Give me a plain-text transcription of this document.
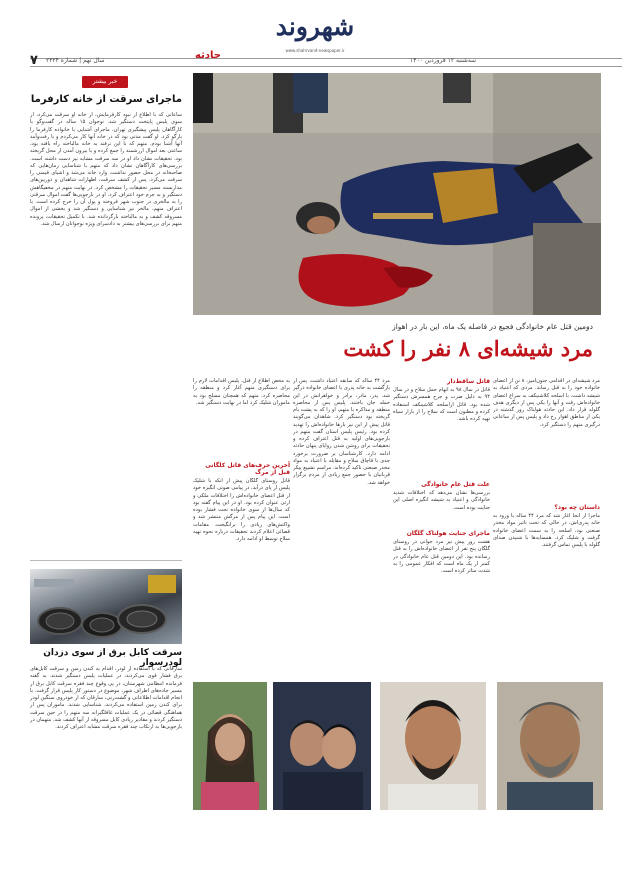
شهروند
www.shahrvand-newspaper.ir
حادثه	سه‌شنبه ۱۲ فروردین ۱۴۰۰
سال نهم | شماره ۲۳۲۴
۷
خبر بیشتر
ماجرای سرقت از خانه کارفرما
ساعاتی که با اطلاع از نبود کارفرمایش، از خانه او سرقت می‌کرد، از سوی پلیس پایتخت دستگیر شد. نوجوان ۱۵ ساله در گفت‌وگو با کارآگاهان پلیس پیشگیری تهران، ماجرای آشنایی با خانواده کارفرما را بازگو کرد. او گفت مدتی بود که در خانه آنها کار می‌کردم و با رفت‌وآمد آنها آشنا بودم. متهم که با این ترفند به خانه مالباخته راه یافته بود، ساعتی بعد اموال ارزشمند را جمع کرده و با بیرون آمدن از محل گریخته بود. تحقیقات نشان داد او در سه سرقت مشابه نیز دست داشته است. بررسی‌های کارآگاهان نشان داد که متهم با شناسایی زمان‌هایی که صاحبخانه در محل حضور نداشت، وارد خانه می‌شد و اشیای قیمتی را سرقت می‌کرد. پس از کشف سرقت، اظهارات شاهدان و دوربین‌های مداربسته مسیر تحقیقات را مشخص کرد. در نهایت متهم در مخفیگاهش دستگیر و به جرم خود اعتراف کرد. او در بازجویی‌ها گفت اموال سرقتی را به مالخری در جنوب شهر فروخته و پول آن را خرج کرده است. با اعتراف متهم، مالخر نیز شناسایی و دستگیر شد و بخشی از اموال مسروقه کشف و به مالباخته بازگردانده شد. با تکمیل تحقیقات، پرونده متهم برای بررسی‌های بیشتر به دادسرای ویژه نوجوانان ارسال شد.
سرقت کابل برق از سوی دزدان لودرسوار
سارقانی که با استفاده از لودر، اقدام به کندن زمین و سرقت کابل‌های برق فشار قوی می‌کردند، در عملیات پلیس دستگیر شدند. به گفته فرمانده انتظامی شهرستان، در پی وقوع چند فقره سرقت کابل برق از مسیر جاده‌های اطراف شهر، موضوع در دستور کار پلیس قرار گرفت. با انجام اقدامات اطلاعاتی و گشت‌زنی، سارقان که از خودروی سنگین لودر برای کندن زمین استفاده می‌کردند، شناسایی شدند. ماموران پس از هماهنگی قضائی در یک عملیات غافلگیرانه سه متهم را در حین سرقت دستگیر کردند و مقادیر زیادی کابل مسروقه از آنها کشف شد. متهمان در بازجویی‌ها به ارتکاب چند فقره سرقت مشابه اعتراف کردند.
دومین قتل عام خانوادگی فجیع در فاصله یک ماه، این بار در اهواز
مرد شیشه‌ای ۸ نفر را کشت
مرد شیشه‌ای در اقدامی جنون‌آمیز، ۸ تن از اعضای خانواده خود را به قتل رساند. مردی که اعتیاد به شیشه داشت، با اسلحه کلاشنیکف به سراغ اعضای خانواده‌اش رفت و آنها را یکی پس از دیگری هدف گلوله قرار داد. این حادثه هولناک روز گذشته در یکی از مناطق اهواز رخ داد و پلیس پس از ساعاتی درگیری متهم را دستگیر کرد.
داستان چه بود؟
ماجرا از آنجا آغاز شد که مرد ۴۴ ساله با ورود به خانه پدری‌اش، در حالی که تحت تاثیر مواد مخدر صنعتی بود، اسلحه را به سمت اعضای خانواده گرفت و شلیک کرد. همسایه‌ها با شنیدن صدای گلوله با پلیس تماس گرفتند.
قاتل ساقط‌دار
قاتل در سال ۹۸ به اتهام حمل سلاح و در سال ۹۴ به دلیل ضرب و جرح همسرش دستگیر شده بود. قاتل ازاسلحه کلاشینکف استفاده کرده و مظنون است که سلاح را از بازار سیاه تهیه کرده باشد.
علت قتل عام خانوادگی
بررسی‌ها نشان می‌دهد که اختلافات شدید خانوادگی و اعتیاد به شیشه انگیزه اصلی این جنایت بوده است.
ماجرای جنایت هولناک گلگان
هشت روز پیش نیز مرد جوانی در روستای گلگان پنج نفر از اعضای خانواده‌اش را به قتل رسانده بود. این دومین قتل عام خانوادگی در کمتر از یک ماه است که افکار عمومی را به شدت متاثر کرده است.
مرد ۴۴ ساله که سابقه اعتیاد داشت، پس از بازگشت به خانه پدری با اعضای خانواده درگیر شد. پدر، مادر، برادر و خواهرانش در این حمله جان باختند. پلیس پس از محاصره منطقه و مذاکره با متهم، او را که به پشت بام گریخته بود دستگیر کرد. شاهدان می‌گویند قاتل پیش از این نیز بارها خانواده‌اش را تهدید کرده بود. رئیس پلیس استان گفت متهم در بازجویی‌های اولیه به قتل اعتراف کرده و تحقیقات برای روشن شدن زوایای پنهان حادثه ادامه دارد. کارشناسان بر ضرورت برخورد جدی با قاچاق سلاح و مقابله با اعتیاد به مواد مخدر صنعتی تاکید کرده‌اند. مراسم تشییع پیکر قربانیان با حضور جمع زیادی از مردم برگزار خواهد شد.
به محض اطلاع از قتل، پلیس اقدامات لازم را برای دستگیری متهم آغاز کرد و منطقه را محاصره کرد. متهم که همچنان مسلح بود به ماموران شلیک کرد اما در نهایت دستگیر شد.
آخرین حرف‌های قاتل کلگانی قبل از مرگ
قاتل روستای گلگان پیش از آنکه با شلیک پلیس از پای درآید، در پیامی صوتی انگیزه خود از قتل اعضای خانواده‌اش را اختلافات ملکی و ارثی عنوان کرده بود. او در این پیام گفته بود که سال‌ها از سوی خانواده تحت فشار بوده است. این پیام پس از مرگش منتشر شد و واکنش‌های زیادی را برانگیخت. مقامات قضائی اعلام کردند تحقیقات درباره نحوه تهیه سلاح توسط او ادامه دارد.
